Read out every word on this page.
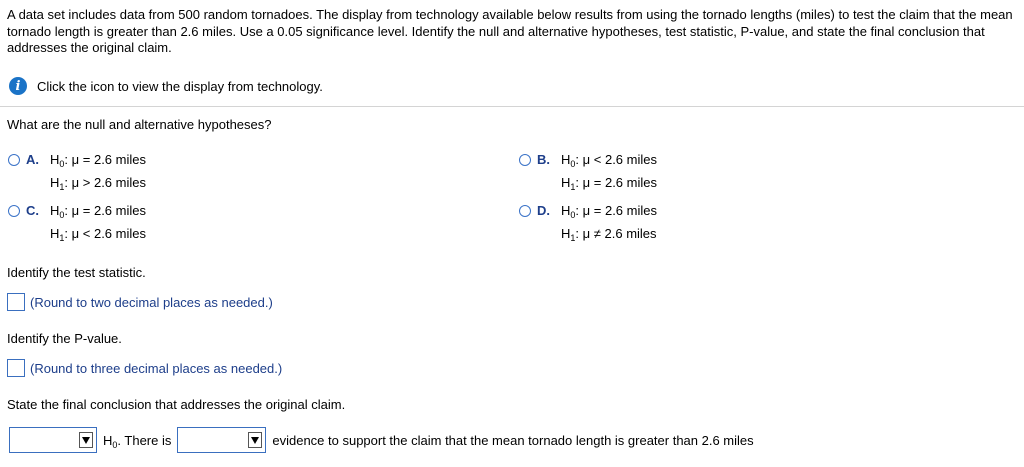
A data set includes data from 500 random tornadoes. The display from technology available below results from using the tornado lengths (miles) to test the claim that the mean tornado length is greater than 2.6 miles. Use a 0.05 significance level. Identify the null and alternative hypotheses, test statistic, P-value, and state the final conclusion that addresses the original claim.
i	Click the icon to view the display from technology.
What are the null and alternative hypotheses?
A. $H_0$: μ = 2.6 miles
$H_1$: μ > 2.6 miles
B. $H_0$: μ < 2.6 miles
$H_1$: μ = 2.6 miles
C. $H_0$: μ = 2.6 miles
$H_1$: μ < 2.6 miles
D. $H_0$: μ = 2.6 miles
$H_1$: μ ≠ 2.6 miles
Identify the test statistic.
(Round to two decimal places as needed.)
Identify the P-value.
(Round to three decimal places as needed.)
State the final conclusion that addresses the original claim.
$H_0$. There is	evidence to support the claim that the mean tornado length is greater than 2.6 miles
